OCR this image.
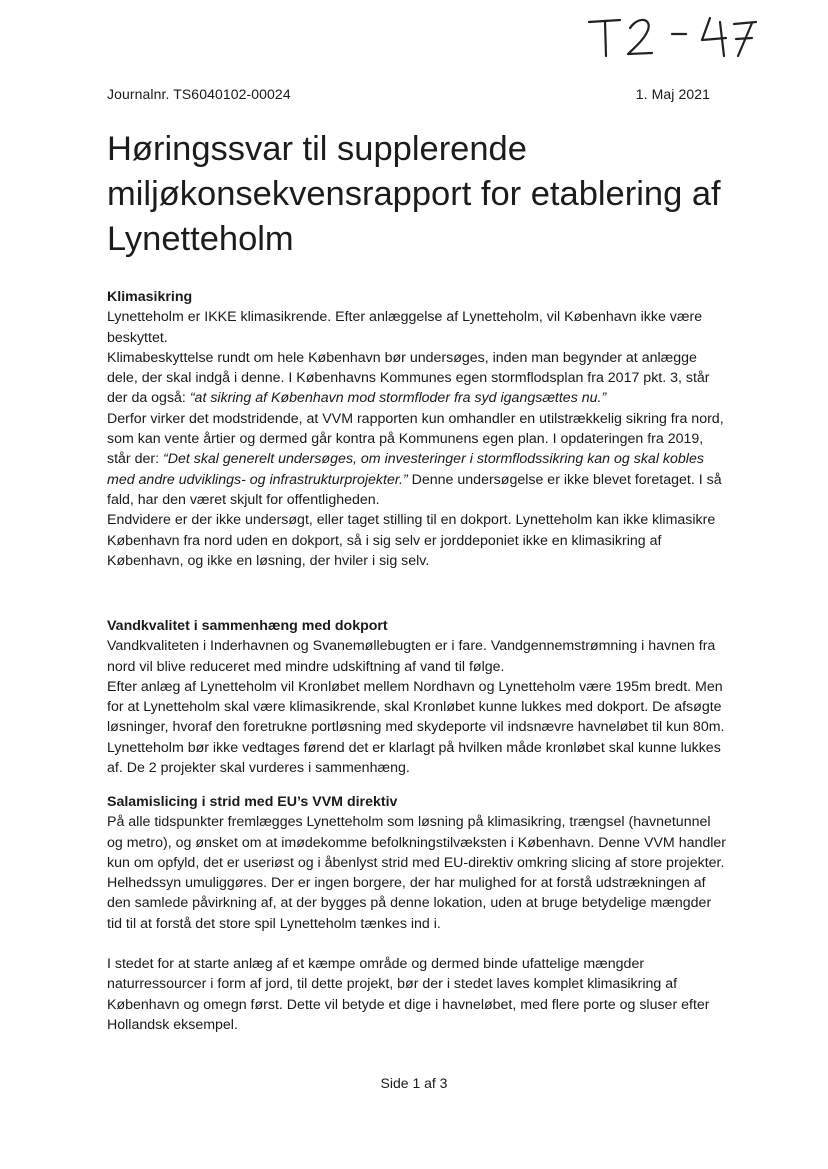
Journalnr. TS6040102-00024	1. Maj 2021
Høringssvar til supplerende miljøkonsekvensrapport for etablering af Lynetteholm
Klimasikring

Lynetteholm er IKKE klimasikrende. Efter anlæggelse af Lynetteholm, vil København ikke være beskyttet.

Klimabeskyttelse rundt om hele København bør undersøges, inden man begynder at anlægge dele, der skal indgå i denne. I Københavns Kommunes egen stormflodsplan fra 2017 pkt. 3, står der da også: “at sikring af København mod stormfloder fra syd igangsættes nu.”

Derfor virker det modstridende, at VVM rapporten kun omhandler en utilstrækkelig sikring fra nord, som kan vente årtier og dermed går kontra på Kommunens egen plan. I opdateringen fra 2019, står der: “Det skal generelt undersøges, om investeringer i stormflodssikring kan og skal kobles med andre udviklings- og infrastrukturprojekter.” Denne undersøgelse er ikke blevet foretaget. I så fald, har den været skjult for offentligheden.

Endvidere er der ikke undersøgt, eller taget stilling til en dokport. Lynetteholm kan ikke klimasikre København fra nord uden en dokport, så i sig selv er jorddeponiet ikke en klimasikring af København, og ikke en løsning, der hviler i sig selv.

Vandkvalitet i sammenhæng med dokport

Vandkvaliteten i Inderhavnen og Svanemøllebugten er i fare. Vandgennemstrømning i havnen fra nord vil blive reduceret med mindre udskiftning af vand til følge.

Efter anlæg af Lynetteholm vil Kronløbet mellem Nordhavn og Lynetteholm være 195m bredt. Men for at Lynetteholm skal være klimasikrende, skal Kronløbet kunne lukkes med dokport. De afsøgte løsninger, hvoraf den foretrukne portløsning med skydeporte vil indsnævre havneløbet til kun 80m. Lynetteholm bør ikke vedtages førend det er klarlagt på hvilken måde kronløbet skal kunne lukkes af. De 2 projekter skal vurderes i sammenhæng.

Salamislicing i strid med EU’s VVM direktiv

På alle tidspunkter fremlægges Lynetteholm som løsning på klimasikring, trængsel (havnetunnel og metro), og ønsket om at imødekomme befolkningstilvæksten i København. Denne VVM handler kun om opfyld, det er useriøst og i åbenlyst strid med EU-direktiv omkring slicing af store projekter. Helhedssyn umuliggøres. Der er ingen borgere, der har mulighed for at forstå udstrækningen af den samlede påvirkning af, at der bygges på denne lokation, uden at bruge betydelige mængder tid til at forstå det store spil Lynetteholm tænkes ind i.

I stedet for at starte anlæg af et kæmpe område og dermed binde ufattelige mængder naturressourcer i form af jord, til dette projekt, bør der i stedet laves komplet klimasikring af København og omegn først. Dette vil betyde et dige i havneløbet, med flere porte og sluser efter Hollandsk eksempel.

Side 1 af 3
